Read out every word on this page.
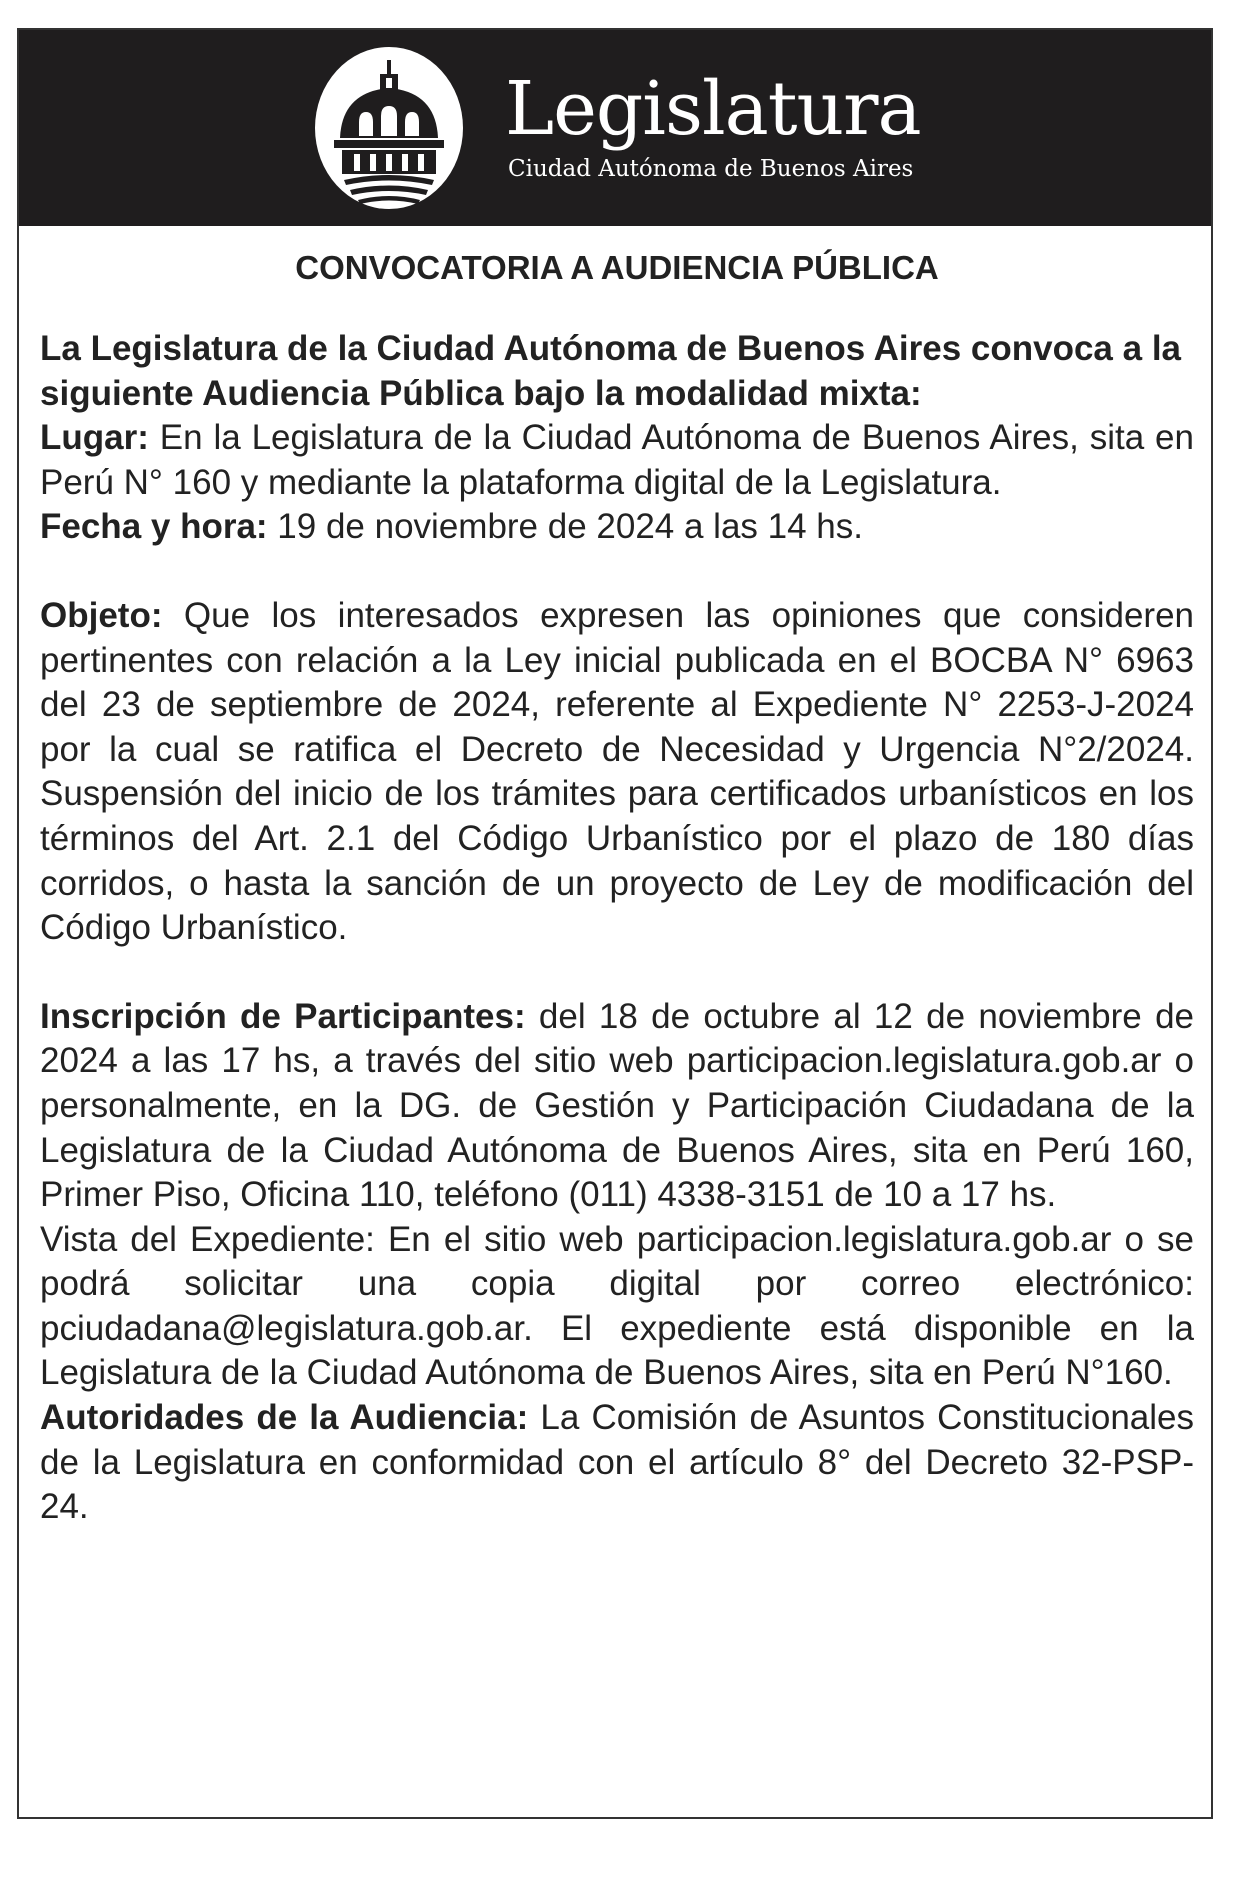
Legislatura
Ciudad Autónoma de Buenos Aires
CONVOCATORIA A AUDIENCIA PÚBLICA

La Legislatura de la Ciudad Autónoma de Buenos Aires convoca a la siguiente Audiencia Pública bajo la modalidad mixta:

Lugar: En la Legislatura de la Ciudad Autónoma de Buenos Aires, sita en Perú N° 160 y mediante la plataforma digital de la Legislatura.

Fecha y hora: 19 de noviembre de 2024 a las 14 hs.

Objeto: Que los interesados expresen las opiniones que consideren pertinentes con relación a la Ley inicial publicada en el BOCBA N° 6963 del 23 de septiembre de 2024, referente al Expediente N° 2253-J-2024 por la cual se ratifica el Decreto de Necesidad y Urgencia N°2/2024. Suspensión del inicio de los trámites para certificados urbanísticos en los términos del Art. 2.1 del Código Urbanístico por el plazo de 180 días corridos, o hasta la sanción de un proyecto de Ley de modificación del Código Urbanístico.

Inscripción de Participantes: del 18 de octubre al 12 de noviembre de 2024 a las 17 hs, a través del sitio web participacion.legislatura.gob.ar o personalmente, en la DG. de Gestión y Participación Ciudadana de la Legislatura de la Ciudad Autónoma de Buenos Aires, sita en Perú 160, Primer Piso, Oficina 110, teléfono (011) 4338-3151 de 10 a 17 hs.

Vista del Expediente: En el sitio web participacion.legislatura.gob.ar o se podrá solicitar una copia digital por correo electrónico: pciudadana@legislatura.gob.ar. El expediente está disponible en la Legislatura de la Ciudad Autónoma de Buenos Aires, sita en Perú N°160.

Autoridades de la Audiencia: La Comisión de Asuntos Constitucionales de la Legislatura en conformidad con el artículo 8° del Decreto 32-PSP-24.
